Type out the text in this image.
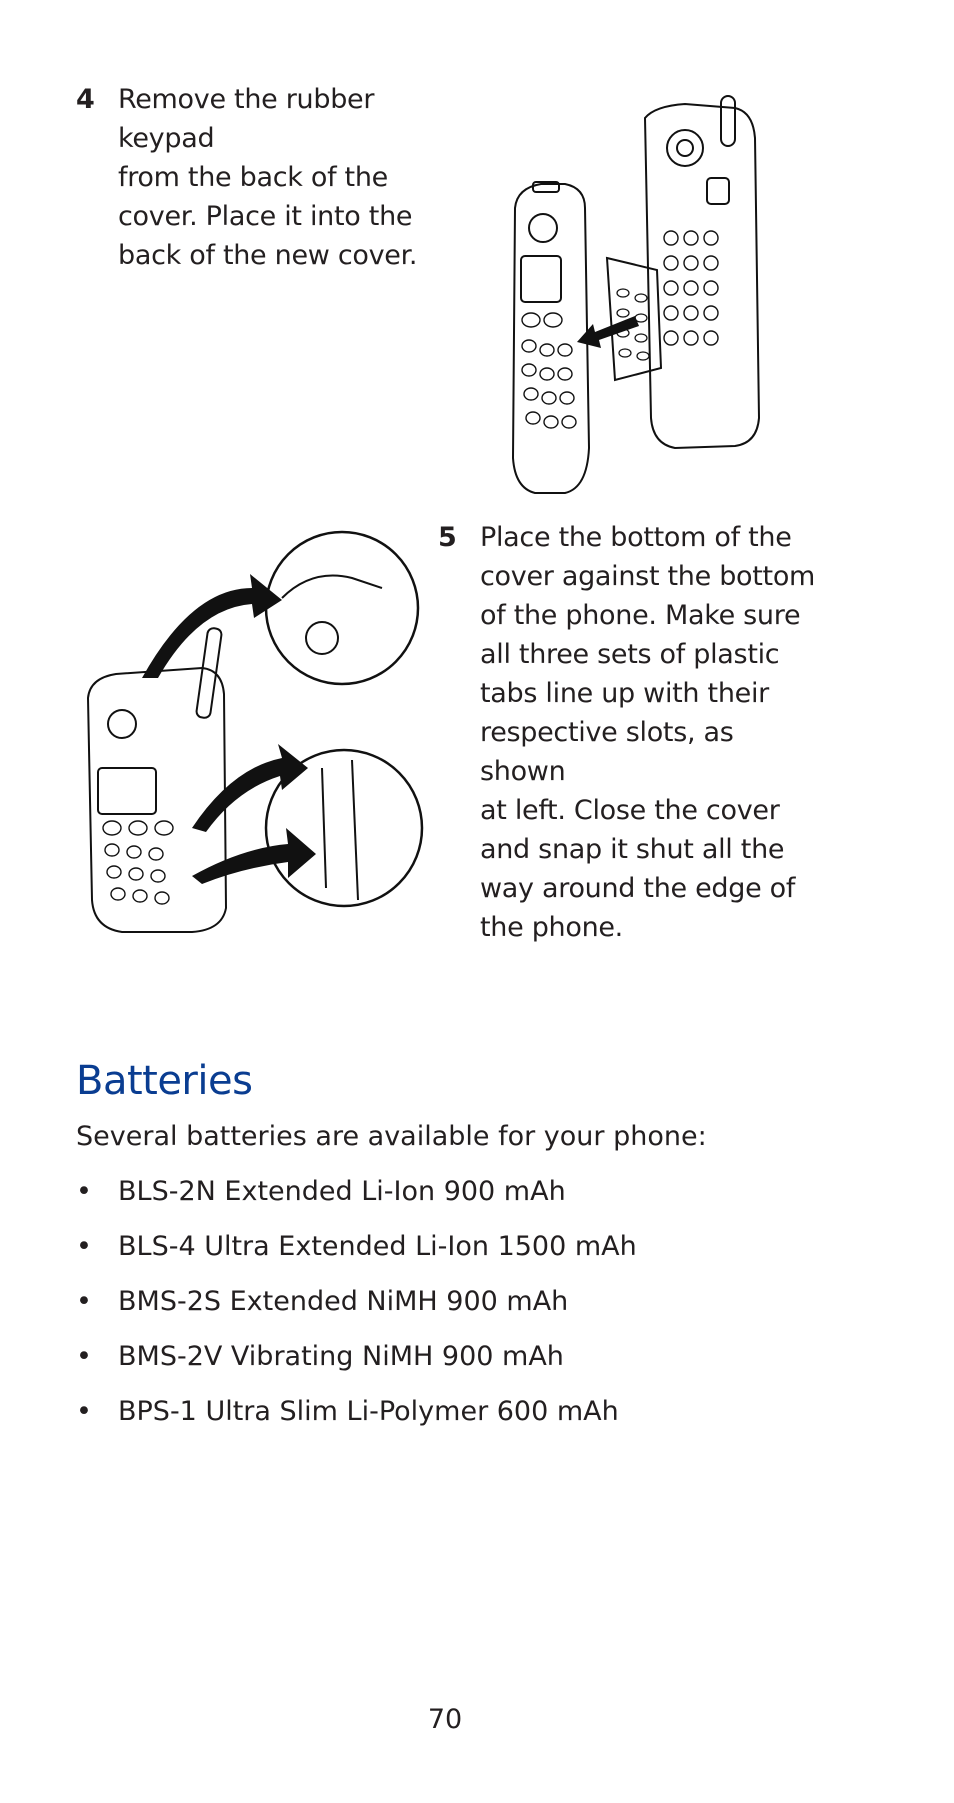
4 Remove the rubber keypad
from the back of the
cover. Place it into the
back of the new cover.
5 Place the bottom of the
cover against the bottom
of the phone. Make sure
all three sets of plastic
tabs line up with their
respective slots, as shown
at left. Close the cover
and snap it shut all the
way around the edge of
the phone.
Batteries

Several batteries are available for your phone:

• BLS-2N Extended Li-Ion 900 mAh
• BLS-4 Ultra Extended Li-Ion 1500 mAh
• BMS-2S Extended NiMH 900 mAh
• BMS-2V Vibrating NiMH 900 mAh
• BPS-1 Ultra Slim Li-Polymer 600 mAh
70
